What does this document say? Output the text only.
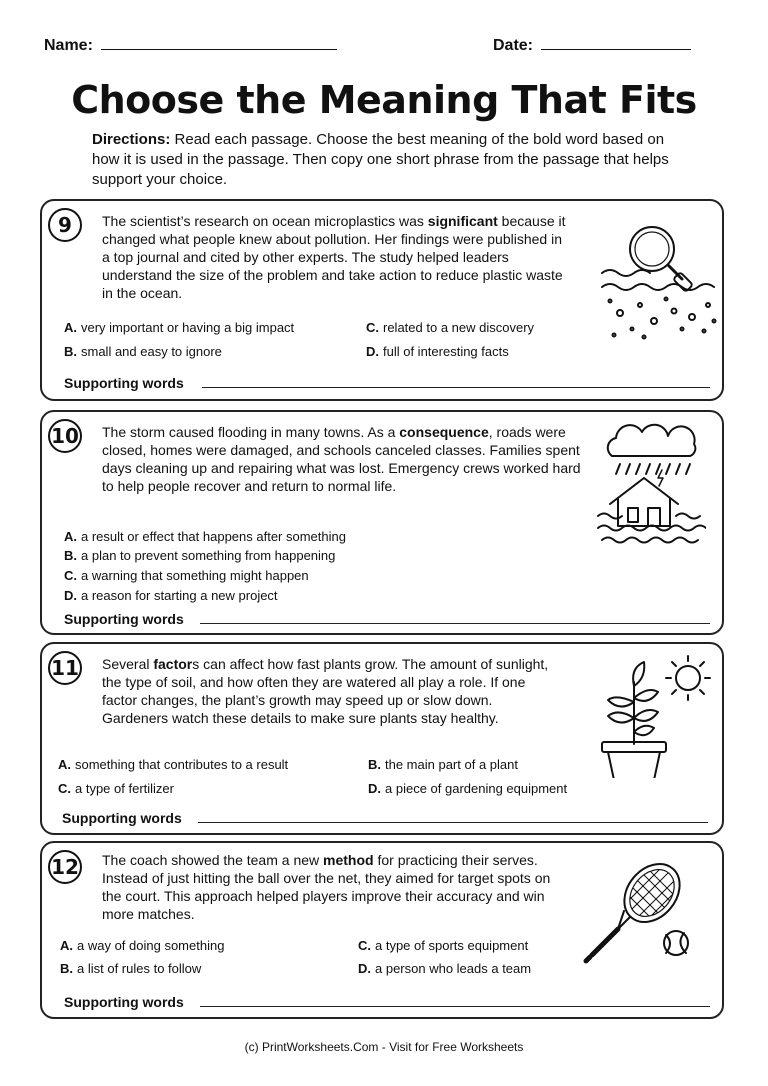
Name:	Date:
Choose the Meaning That Fits
Directions: Read each passage. Choose the best meaning of the bold word based on how it is used in the passage. Then copy one short phrase from the passage that helps support your choice.
9	The scientist’s research on ocean microplastics was significant because it changed what people knew about pollution. Her findings were published in a top journal and cited by other experts. The study helped leaders understand the size of the problem and take action to reduce plastic waste in the ocean.
A. very important or having a big impact	C. related to a new discovery
B. small and easy to ignore	D. full of interesting facts
Supporting words
10 The storm caused flooding in many towns. As a consequence, roads were closed, homes were damaged, and schools canceled classes. Families spent days cleaning up and repairing what was lost. Emergency crews worked hard to help people recover and return to normal life.
A. a result or effect that happens after something
B. a plan to prevent something from happening
C. a warning that something might happen
D. a reason for starting a new project
Supporting words
11 Several factors can affect how fast plants grow. The amount of sunlight, the type of soil, and how often they are watered all play a role. If one factor changes, the plant’s growth may speed up or slow down. Gardeners watch these details to make sure plants stay healthy.
A. something that contributes to a result	B. the main part of a plant
C. a type of fertilizer	D. a piece of gardening equipment
Supporting words
12 The coach showed the team a new method for practicing their serves. Instead of just hitting the ball over the net, they aimed for target spots on the court. This approach helped players improve their accuracy and win more matches.
A. a way of doing something	C. a type of sports equipment
B. a list of rules to follow	D. a person who leads a team
Supporting words
(c) PrintWorksheets.Com - Visit for Free Worksheets
